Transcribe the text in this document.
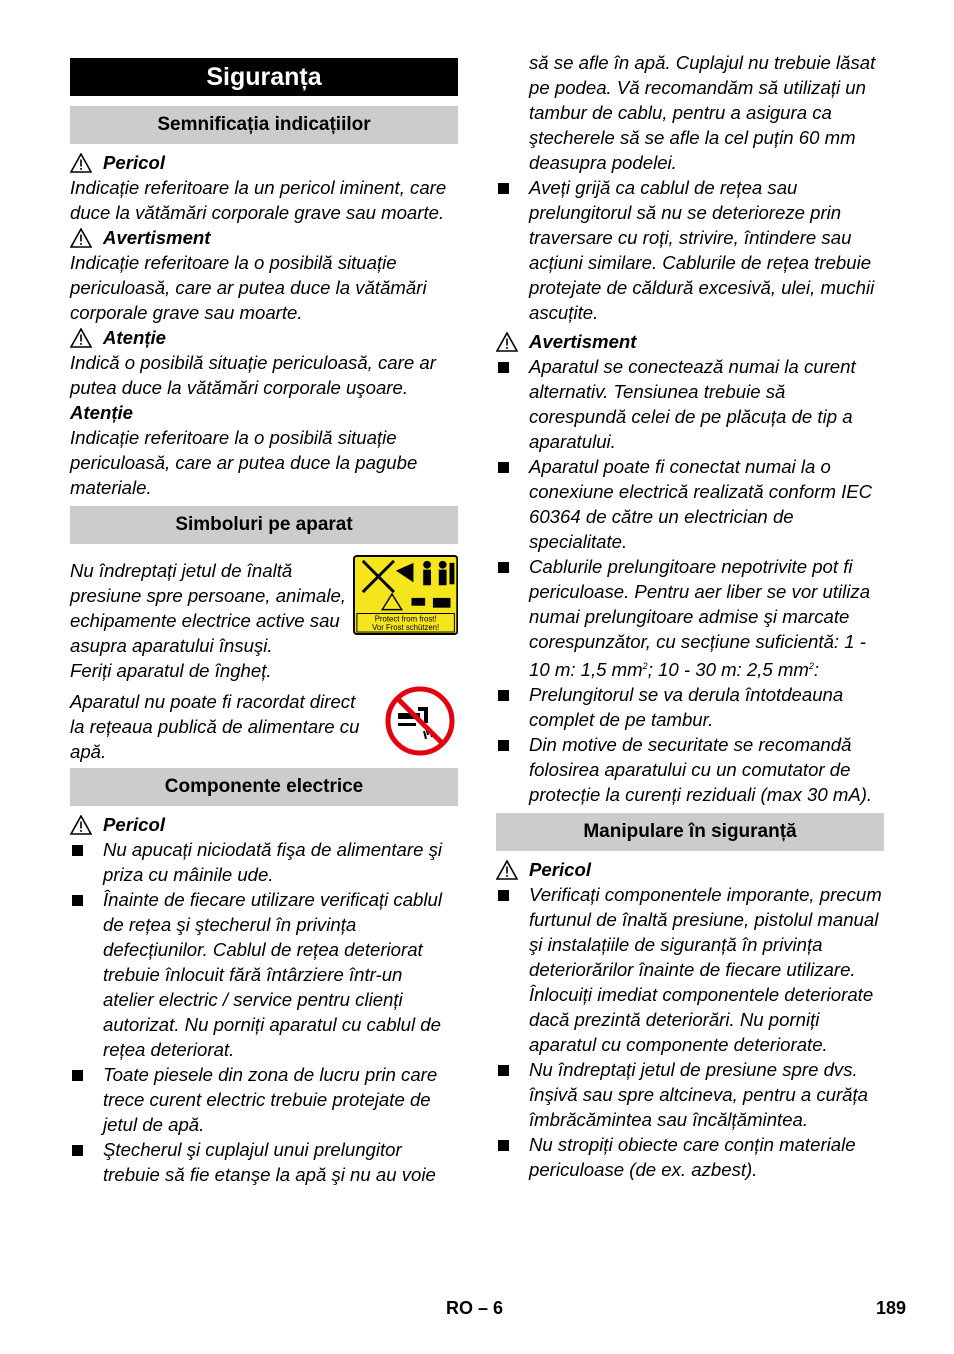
Siguranța
Semnificația indicațiilor
Pericol

Indicație referitoare la un pericol iminent, care duce la vătămări corporale grave sau moarte.

Avertisment

Indicație referitoare la o posibilă situație periculoasă, care ar putea duce la vătămări corporale grave sau moarte.

Atenție

Indică o posibilă situație periculoasă, care ar putea duce la vătămări corporale uşoare.

Atenție

Indicație referitoare la o posibilă situație periculoasă, care ar putea duce la pagube materiale.

Simboluri pe aparat

Nu îndreptați jetul de înaltă presiune spre persoane, animale, echipamente electrice active sau asupra aparatului însuşi.

Protect from frost!
Vor Frost schützen!

Feriți aparatul de îngheț.

Aparatul nu poate fi racordat direct la rețeaua publică de alimentare cu apă.

Componente electrice
Pericol
Nu apucați niciodată fişa de alimentare şi priza cu mâinile ude.
Înainte de fiecare utilizare verificați cablul de rețea şi ştecherul în privința defecțiunilor. Cablul de rețea deteriorat trebuie înlocuit fără întârziere într-un atelier electric / service pentru clienți autorizat. Nu porniți aparatul cu cablul de rețea deteriorat.
Toate piesele din zona de lucru prin care trece curent electric trebuie protejate de jetul de apă.
Ştecherul şi cuplajul unui prelungitor trebuie să fie etanşe la apă şi nu au voie

să se afle în apă. Cuplajul nu trebuie lăsat pe podea. Vă recomandăm să utilizați un tambur de cablu, pentru a asigura ca ştecherele să se afle la cel puțin 60 mm deasupra podelei.

Aveți grijă ca cablul de rețea sau prelungitorul să nu se deterioreze prin traversare cu roți, strivire, întindere sau acțiuni similare. Cablurile de rețea trebuie protejate de căldură excesivă, ulei, muchii ascuțite.
Avertisment
Aparatul se conectează numai la curent alternativ. Tensiunea trebuie să corespundă celei de pe plăcuța de tip a aparatului.
Aparatul poate fi conectat numai la o conexiune electrică realizată conform IEC 60364 de către un electrician de specialitate.
Cablurile prelungitoare nepotrivite pot fi periculoase. Pentru aer liber se vor utiliza numai prelungitoare admise şi marcate corespunzător, cu secțiune suficientă: 1 - 10 m: 1,5 $mm^2$; 10 - 30 m: 2,5 $mm^2$:
Prelungitorul se va derula întotdeauna complet de pe tambur.
Din motive de securitate se recomandă folosirea aparatului cu un comutator de protecție la curenți reziduali (max 30 mA).
Manipulare în siguranță
Pericol
Verificați componentele imporante, precum furtunul de înaltă presiune, pistolul manual şi instalațiile de siguranță în privința deteriorărilor înainte de fiecare utilizare. Înlocuiți imediat componentele deteriorate dacă prezintă deteriorări. Nu porniți aparatul cu componente deteriorate.
Nu îndreptați jetul de presiune spre dvs. înşivă sau spre altcineva, pentru a curăța îmbrăcămintea sau încălțămintea.
Nu stropiți obiecte care conțin materiale periculoase (de ex. azbest).
RO – 6	189
